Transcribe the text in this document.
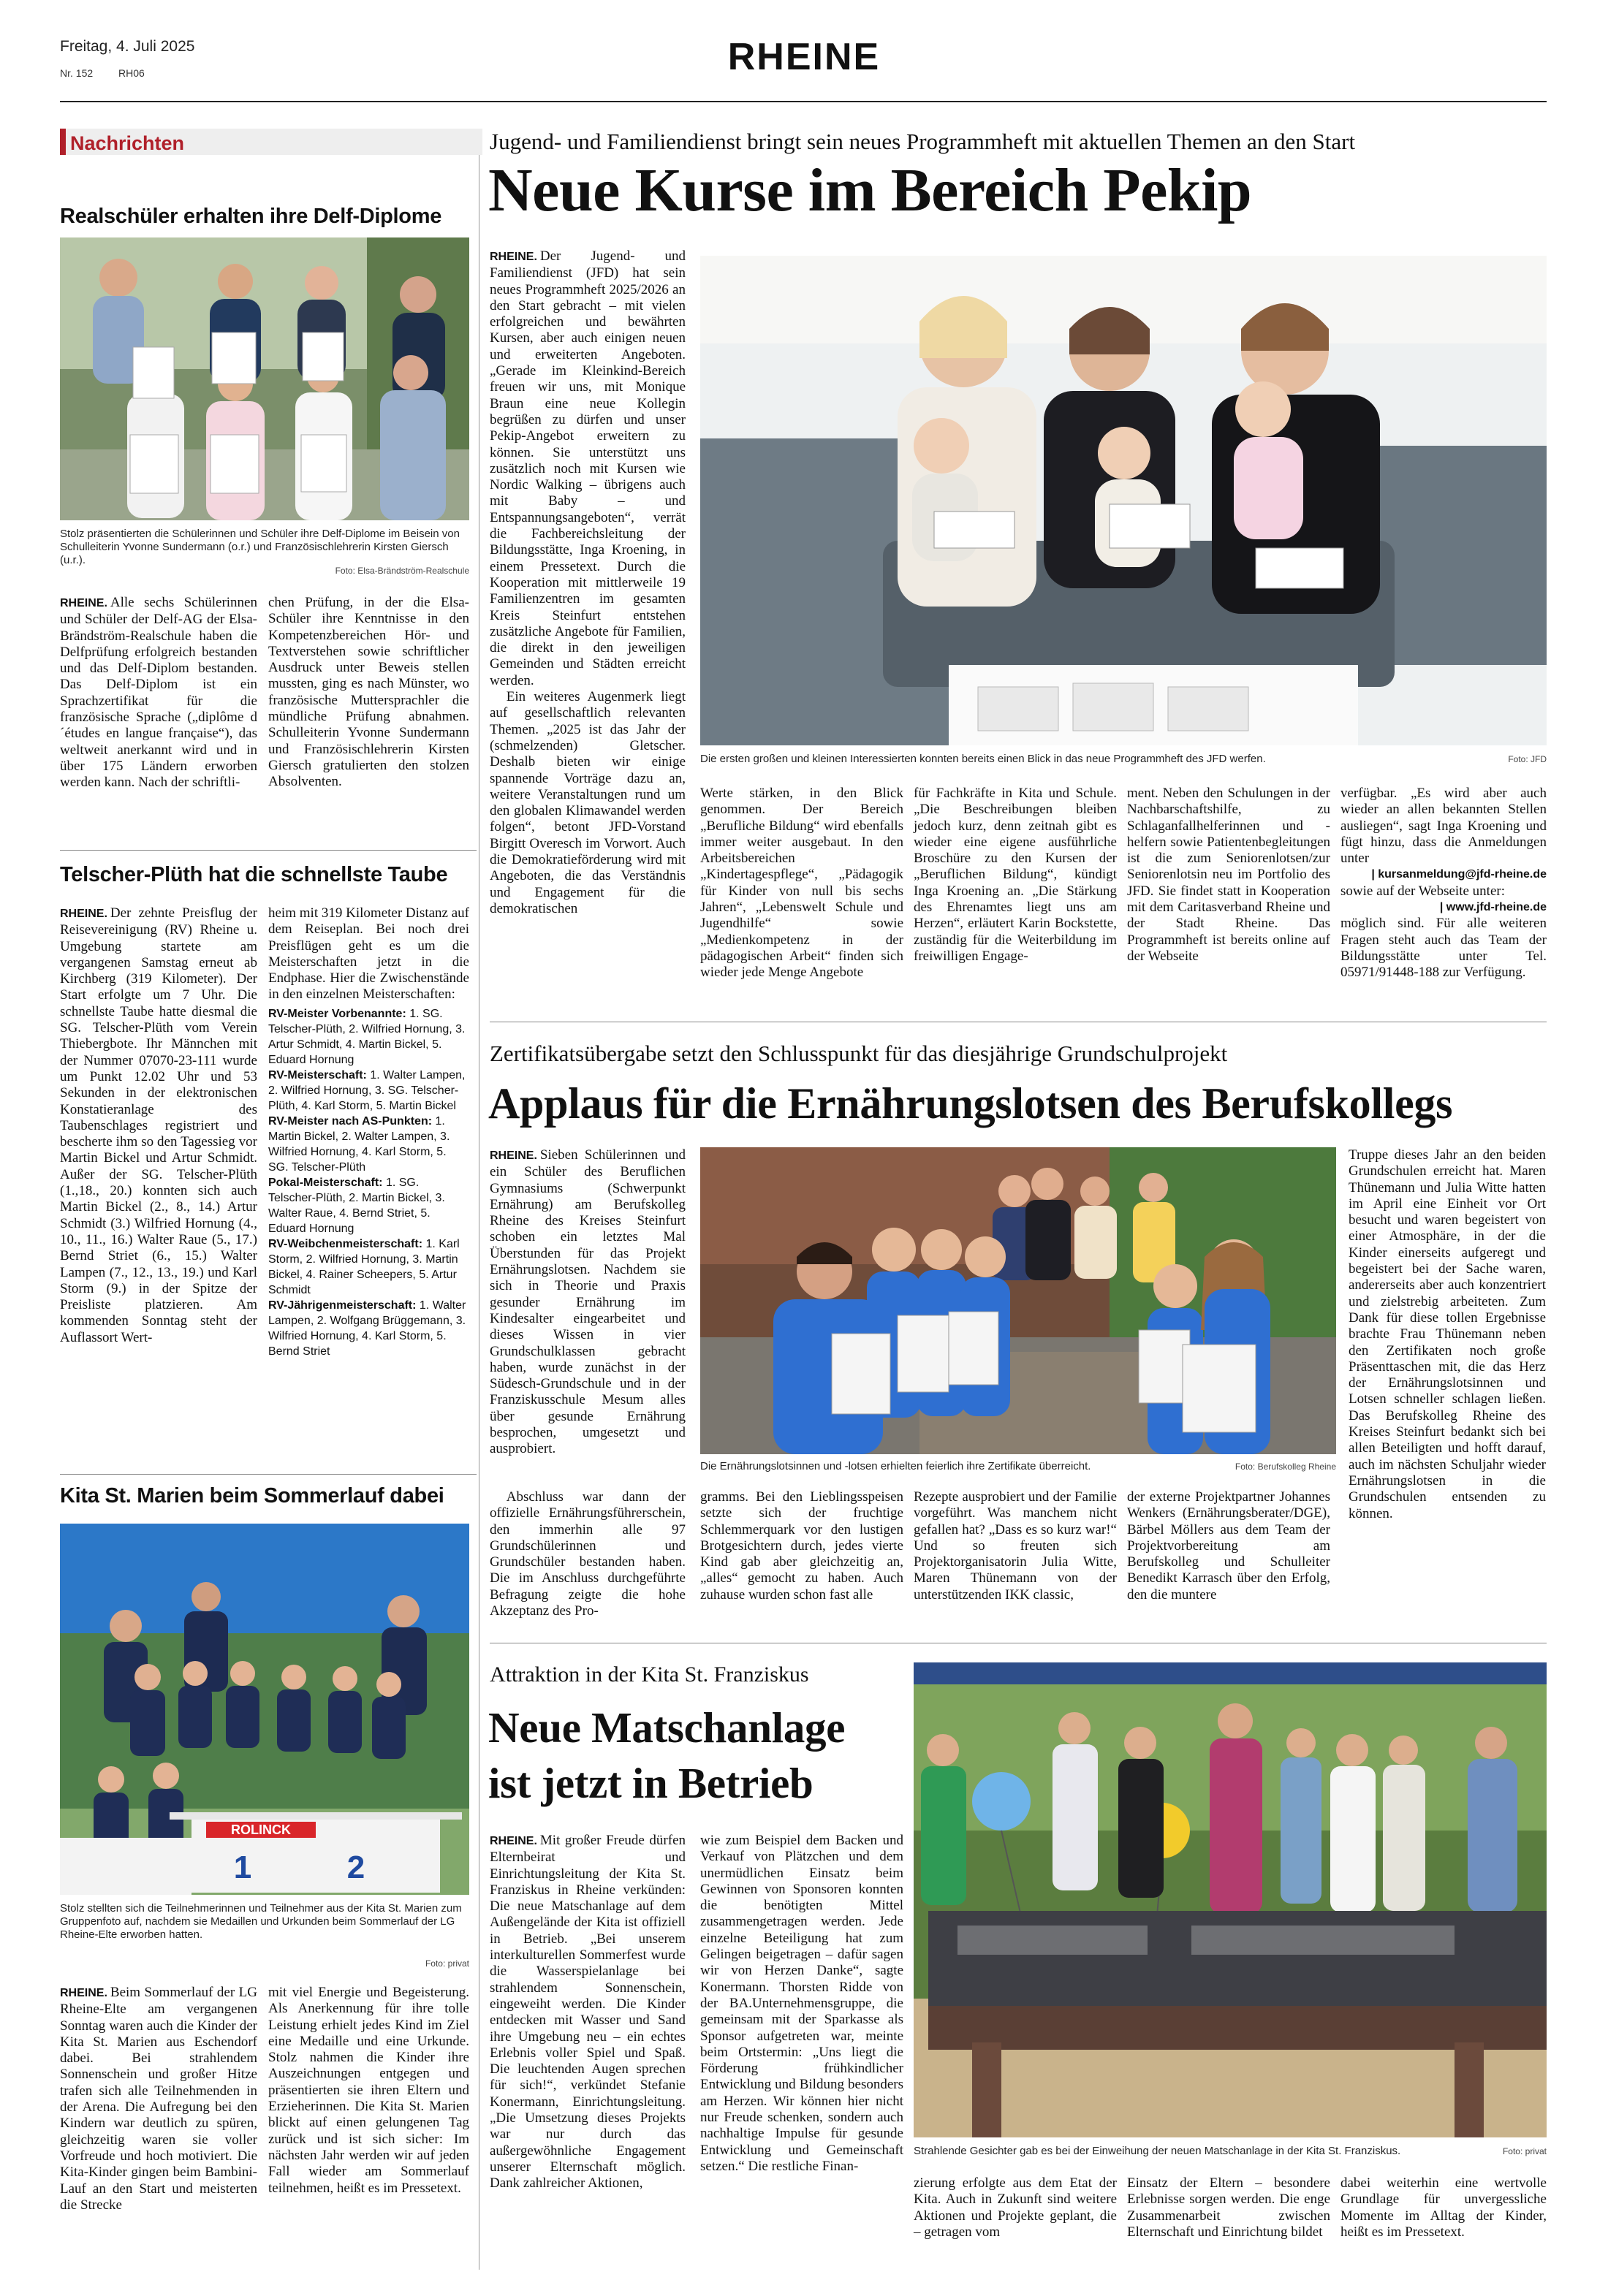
Freitag, 4. Juli 2025
Nr. 152 RH06	RHEINE
Nachrichten
Realschüler erhalten ihre Delf-Diplome
Stolz präsentierten die Schülerinnen und Schüler ihre Delf-Diplome im Beisein von Schulleiterin Yvonne Sundermann (o.r.) und Französischlehrerin Kirsten Giersch (u.r.).
Foto: Elsa-Brändström-Realschule
RHEINE. Alle sechs Schülerinnen und Schüler der Delf-AG der Elsa-Brändström-Realschule haben die Delfprüfung erfolgreich bestanden und das Delf-Diplom bestanden. Das Delf-Diplom ist ein Sprachzertifikat für die französische Sprache („diplôme d´études en langue française“), das weltweit anerkannt wird und in über 175 Ländern erworben werden kann. Nach der schriftli-
chen Prüfung, in der die Elsa-Schüler ihre Kenntnisse in den Kompetenzbereichen Hör- und Textverstehen sowie schriftlicher Ausdruck unter Beweis stellen mussten, ging es nach Münster, wo französische Muttersprachler die mündliche Prüfung abnahmen. Schulleiterin Yvonne Sundermann und Französischlehrerin Kirsten Giersch gratulierten den stolzen Absolventen.
Telscher-Plüth hat die schnellste Taube
RHEINE. Der zehnte Preisflug der Reisevereinigung (RV) Rheine u. Umgebung startete am vergangenen Samstag erneut ab Kirchberg (319 Kilometer). Der Start erfolgte um 7 Uhr. Die schnellste Taube hatte diesmal die SG. Telscher-Plüth vom Verein Thiebergbote. Ihr Männchen mit der Nummer 07070-23-111 wurde um Punkt 12.02 Uhr und 53 Sekunden in der elektronischen Konstatieranlage des Taubenschlages registriert und bescherte ihm so den Tagessieg vor Martin Bickel und Artur Schmidt. Außer der SG. Telscher-Plüth (1.,18., 20.) konnten sich auch Martin Bickel (2., 8., 14.) Artur Schmidt (3.) Wilfried Hornung (4., 10., 11., 16.) Walter Raue (5., 17.) Bernd Striet (6., 15.) Walter Lampen (7., 12., 13., 19.) und Karl Storm (9.) in der Spitze der Preisliste platzieren. Am kommenden Sonntag steht der Auflassort Wert-
heim mit 319 Kilometer Distanz auf dem Reiseplan. Bei noch drei Preisflügen geht es um die Meisterschaften jetzt in die Endphase. Hier die Zwischenstände in den einzelnen Meisterschaften:
RV-Meister Vorbenannte: 1. SG. Telscher-Plüth, 2. Wilfried Hornung, 3. Artur Schmidt, 4. Martin Bickel, 5. Eduard Hornung
RV-Meisterschaft: 1. Walter Lampen, 2. Wilfried Hornung, 3. SG. Telscher-Plüth, 4. Karl Storm, 5. Martin Bickel
RV-Meister nach AS-Punkten: 1. Martin Bickel, 2. Walter Lampen, 3. Wilfried Hornung, 4. Karl Storm, 5. SG. Telscher-Plüth
Pokal-Meisterschaft: 1. SG. Telscher-Plüth, 2. Martin Bickel, 3. Walter Raue, 4. Bernd Striet, 5. Eduard Hornung
RV-Weibchenmeisterschaft: 1. Karl Storm, 2. Wilfried Hornung, 3. Martin Bickel, 4. Rainer Scheepers, 5. Artur Schmidt
RV-Jährigenmeisterschaft: 1. Walter Lampen, 2. Wolfgang Brüggemann, 3. Wilfried Hornung, 4. Karl Storm, 5. Bernd Striet
Kita St. Marien beim Sommerlauf dabei
ROLINCK
1	2
Stolz stellten sich die Teilnehmerinnen und Teilnehmer aus der Kita St. Marien zum Gruppenfoto auf, nachdem sie Medaillen und Urkunden beim Sommerlauf der LG Rheine-Elte erworben hatten.
Foto: privat
RHEINE. Beim Sommerlauf der LG Rheine-Elte am vergangenen Sonntag waren auch die Kinder der Kita St. Marien aus Eschendorf dabei. Bei strahlendem Sonnenschein und großer Hitze trafen sich alle Teilnehmenden in der Arena. Die Aufregung bei den Kindern war deutlich zu spüren, gleichzeitig waren sie voller Vorfreude und hoch motiviert. Die Kita-Kinder gingen beim Bambini-Lauf an den Start und meisterten die Strecke
mit viel Energie und Begeisterung. Als Anerkennung für ihre tolle Leistung erhielt jedes Kind im Ziel eine Medaille und eine Urkunde. Stolz nahmen die Kinder ihre Auszeichnungen entgegen und präsentierten sie ihren Eltern und Erzieherinnen. Die Kita St. Marien blickt auf einen gelungenen Tag zurück und ist sich sicher: Im nächsten Jahr werden wir auf jeden Fall wieder am Sommerlauf teilnehmen, heißt es im Pressetext.
Jugend- und Familiendienst bringt sein neues Programmheft mit aktuellen Themen an den Start
Neue Kurse im Bereich Pekip

RHEINE. Der Jugend- und Familiendienst (JFD) hat sein neues Programmheft 2025/2026 an den Start gebracht – mit vielen erfolgreichen und bewährten Kursen, aber auch einigen neuen und erweiterten Angeboten. „Gerade im Kleinkind-Bereich freuen wir uns, mit Monique Braun eine neue Kollegin begrüßen zu dürfen und unser Pekip-Angebot erweitern zu können. Sie unterstützt uns zusätzlich noch mit Kursen wie Nordic Walking – übrigens auch mit Baby – und Entspannungsangeboten“, verrät die Fachbereichsleitung der Bildungsstätte, Inga Kroening, in einem Pressetext. Durch die Kooperation mit mittlerweile 19 Familienzentren im gesamten Kreis Steinfurt entstehen zusätzliche Angebote für Familien, die direkt in den jeweiligen Gemeinden und Städten erreicht werden.

Ein weiteres Augenmerk liegt auf gesellschaftlich relevanten Themen. „2025 ist das Jahr der (schmelzenden) Gletscher. Deshalb bieten wir einige spannende Vorträge dazu an, weitere Veranstaltungen rund um den globalen Klimawandel werden folgen“, betont JFD-Vorstand Birgitt Overesch im Vorwort. Auch die Demokratieförderung wird mit Angeboten, die das Verständnis und Engagement für die demokratischen

Die ersten großen und kleinen Interessierten konnten bereits einen Blick in das neue Programmheft des JFD werfen.	Foto: JFD
Werte stärken, in den Blick genommen. Der Bereich „Berufliche Bildung“ wird ebenfalls immer weiter ausgebaut. In den Arbeitsbereichen „Kindertagespflege“, „Pädagogik für Kinder von null bis sechs Jahren“, „Lebenswelt Schule und Jugendhilfe“ sowie „Medienkompetenz in der pädagogischen Arbeit“ finden sich wieder jede Menge Angebote
für Fachkräfte in Kita und Schule. „Die Beschreibungen bleiben jedoch kurz, denn zeitnah gibt es wieder eine eigene ausführliche Broschüre zu den Kursen der „Beruflichen Bildung“, kündigt Inga Kroening an. „Die Stärkung des Ehrenamtes liegt uns am Herzen“, erläutert Karin Bockstette, zuständig für die Weiterbildung im freiwilligen Engage-
ment. Neben den Schulungen in der Nachbarschaftshilfe, zu Schlaganfallhelferinnen und -helfern sowie Patientenbegleitungen ist die zum Seniorenlotsen/zur Seniorenlotsin neu im Portfolio des JFD. Sie findet statt in Kooperation mit dem Caritasverband Rheine und der Stadt Rheine. Das Programmheft ist bereits online auf der Webseite

verfügbar. „Es wird aber auch wieder an allen bekannten Stellen ausliegen“, sagt Inga Kroening und fügt hinzu, dass die Anmeldungen unter

| kursanmeldung@jfd-rheine.de

sowie auf der Webseite unter:

| www.jfd-rheine.de

möglich sind. Für alle weiteren Fragen steht auch das Team der Bildungsstätte unter Tel. 05971/91448-188 zur Verfügung.

Zertifikatsübergabe setzt den Schlusspunkt für das diesjährige Grundschulprojekt
Applaus für die Ernährungslotsen des Berufskollegs
RHEINE. Sieben Schülerinnen und ein Schüler des Beruflichen Gymnasiums (Schwerpunkt Ernährung) am Berufskolleg Rheine des Kreises Steinfurt schoben ein letztes Mal Überstunden für das Projekt Ernährungslotsen. Nachdem sie sich in Theorie und Praxis gesunder Ernährung im Kindesalter eingearbeitet und dieses Wissen in vier Grundschulklassen gebracht haben, wurde zunächst in der Südesch-Grundschule und in der Franziskusschule Mesum alles über gesunde Ernährung besprochen, umgesetzt und ausprobiert.
Die Ernährungslotsinnen und -lotsen erhielten feierlich ihre Zertifikate überreicht.	Foto: Berufskolleg Rheine
Abschluss war dann der offizielle Ernährungsführerschein, den immerhin alle 97 Grundschülerinnen und Grundschüler bestanden haben. Die im Anschluss durchgeführte Befragung zeigte die hohe Akzeptanz des Pro-
gramms. Bei den Lieblingsspeisen setzte sich der fruchtige Schlemmerquark vor den lustigen Brotgesichtern durch, jedes vierte Kind gab aber gleichzeitig an, „alles“ gemocht zu haben. Auch zuhause wurden schon fast alle
Rezepte ausprobiert und der Familie vorgeführt. Was manchem nicht gefallen hat? „Dass es so kurz war!“ Und so freuten sich Projektorganisatorin Julia Witte, Maren Thünemann von der unterstützenden IKK classic,
der externe Projektpartner Johannes Wenkers (Ernährungsberater/DGE), Bärbel Möllers aus dem Team der Projektvorbereitung am Berufskolleg und Schulleiter Benedikt Karrasch über den Erfolg, den die muntere
Truppe dieses Jahr an den beiden Grundschulen erreicht hat. Maren Thünemann und Julia Witte hatten im April eine Einheit vor Ort besucht und waren begeistert von einer Atmosphäre, in der die Kinder einerseits aufgeregt und begeistert bei der Sache waren, andererseits aber auch konzentriert und zielstrebig arbeiteten. Zum Dank für diese tollen Ergebnisse brachte Frau Thünemann neben den Zertifikaten noch große Präsenttaschen mit, die das Herz der Ernährungslotsinnen und Lotsen schneller schlagen ließen. Das Berufskolleg Rheine des Kreises Steinfurt bedankt sich bei allen Beteiligten und hofft darauf, auch im nächsten Schuljahr wieder Ernährungslotsen in die Grundschulen entsenden zu können.
Attraktion in der Kita St. Franziskus
Neue Matschanlage
ist jetzt in Betrieb
Strahlende Gesichter gab es bei der Einweihung der neuen Matschanlage in der Kita St. Franziskus.	Foto: privat
RHEINE. Mit großer Freude dürfen Elternbeirat und Einrichtungsleitung der Kita St. Franziskus in Rheine verkünden: Die neue Matschanlage auf dem Außengelände der Kita ist offiziell in Betrieb. „Bei unserem interkulturellen Sommerfest wurde die Wasserspielanlage bei strahlendem Sonnenschein, eingeweiht werden. Die Kinder entdecken mit Wasser und Sand ihre Umgebung neu – ein echtes Erlebnis voller Spiel und Spaß. Die leuchtenden Augen sprechen für sich!“, verkündet Stefanie Konermann, Einrichtungsleitung. „Die Umsetzung dieses Projekts war nur durch das außergewöhnliche Engagement unserer Elternschaft möglich. Dank zahlreicher Aktionen,
wie zum Beispiel dem Backen und Verkauf von Plätzchen und dem unermüdlichen Einsatz beim Gewinnen von Sponsoren konnten die benötigten Mittel zusammengetragen werden. Jede einzelne Beteiligung hat zum Gelingen beigetragen – dafür sagen wir von Herzen Danke“, sagte Konermann. Thorsten Ridde von der BA.Unternehmensgruppe, die gemeinsam mit der Sparkasse als Sponsor aufgetreten war, meinte beim Ortstermin: „Uns liegt die Förderung frühkindlicher Entwicklung und Bildung besonders am Herzen. Wir können hier nicht nur Freude schenken, sondern auch nachhaltige Impulse für gesunde Entwicklung und Gemeinschaft setzen.“ Die restliche Finan-
zierung erfolgte aus dem Etat der Kita. Auch in Zukunft sind weitere Aktionen und Projekte geplant, die – getragen vom
Einsatz der Eltern – besondere Erlebnisse sorgen werden. Die enge Zusammenarbeit zwischen Elternschaft und Einrichtung bildet
dabei weiterhin eine wertvolle Grundlage für unvergessliche Momente im Alltag der Kinder, heißt es im Pressetext.
